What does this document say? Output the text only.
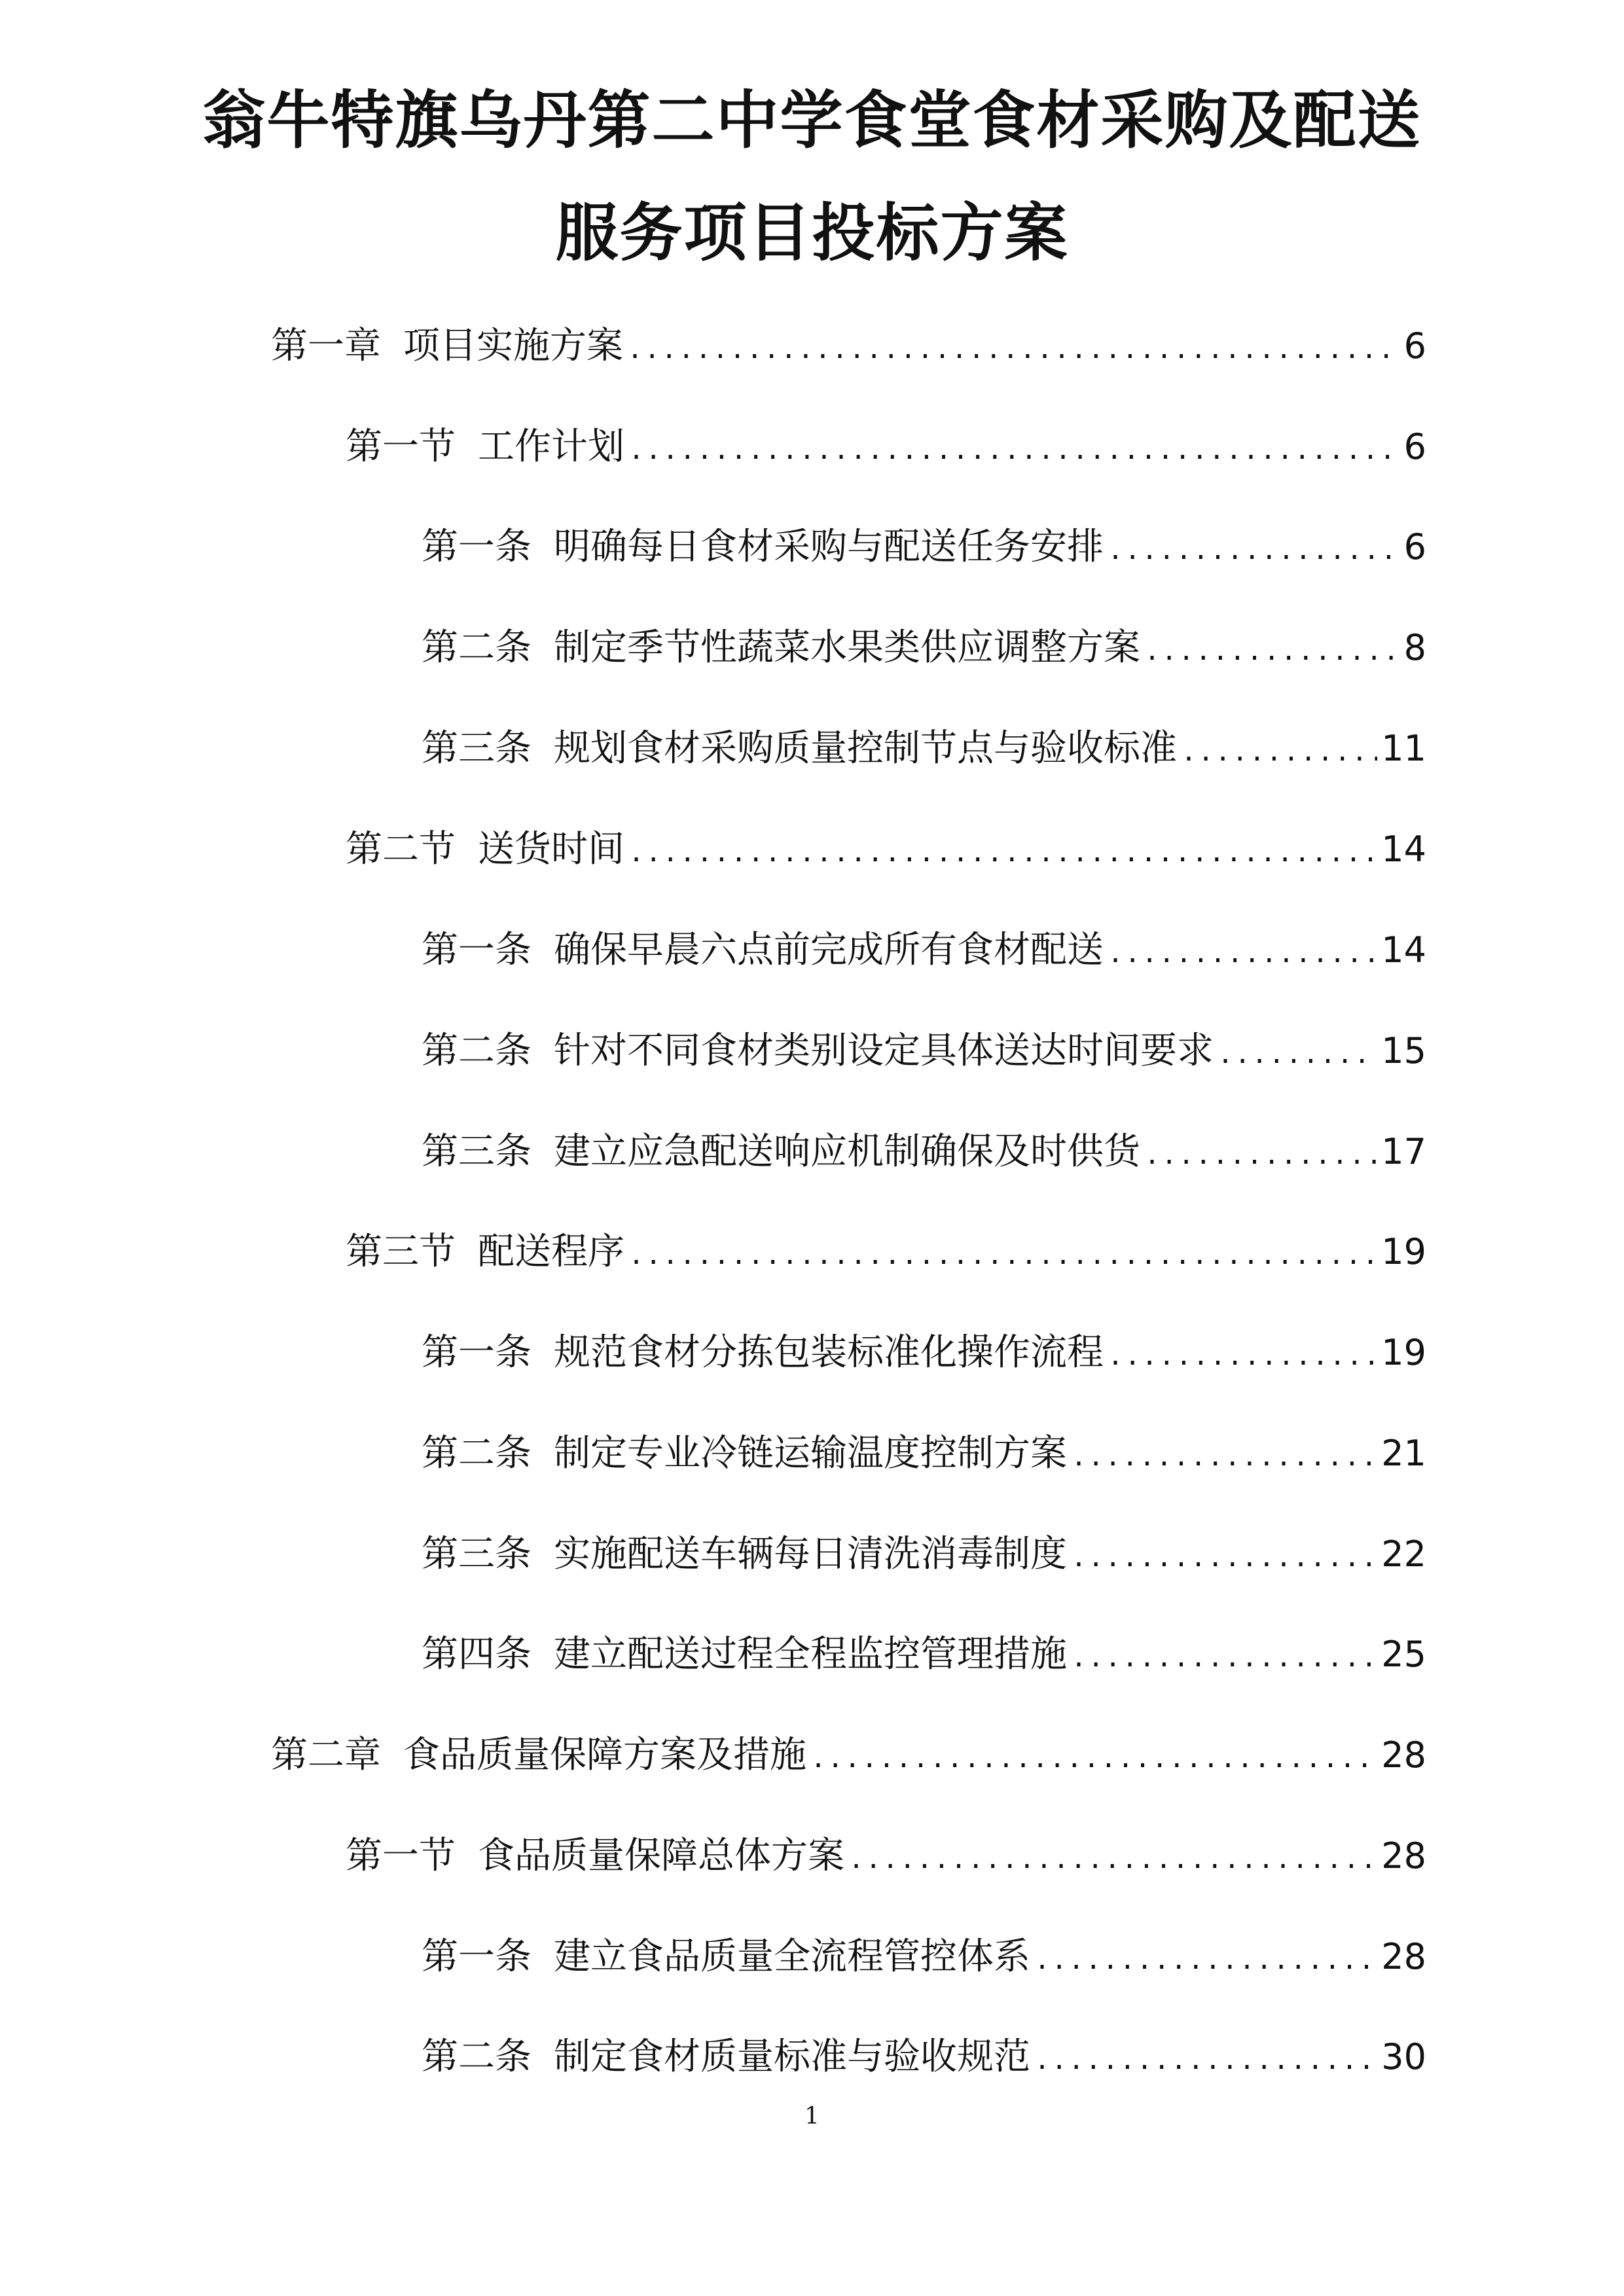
翁牛特旗乌丹第二中学食堂食材采购及配送
服务项目投标方案
第一章 项目实施方案 .....	6
第一节 工作计划 .....	6
第一条 明确每日食材采购与配送任务安排 .....	6
第二条 制定季节性蔬菜水果类供应调整方案 .....	8
第三条 规划食材采购质量控制节点与验收标准 .....	11
第二节 送货时间 .....	14
第一条 确保早晨六点前完成所有食材配送 .....	14
第二条 针对不同食材类别设定具体送达时间要求 .....	15
第三条 建立应急配送响应机制确保及时供货 .....	17
第三节 配送程序 .....	19
第一条 规范食材分拣包装标准化操作流程 .....	19
第二条 制定专业冷链运输温度控制方案 .....	21
第三条 实施配送车辆每日清洗消毒制度 .....	22
第四条 建立配送过程全程监控管理措施 .....	25
第二章 食品质量保障方案及措施 .....	28
第一节 食品质量保障总体方案 .....	28
第一条 建立食品质量全流程管控体系 .....	28
第二条 制定食材质量标准与验收规范 .....	30
1
